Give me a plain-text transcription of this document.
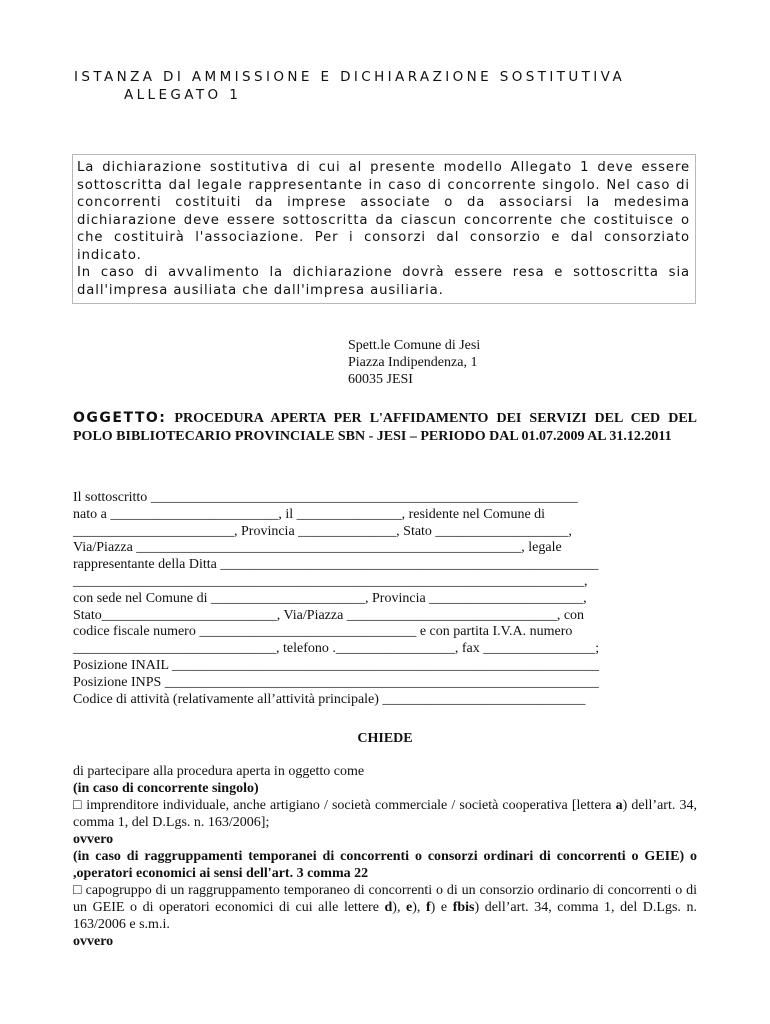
ISTANZA DI AMMISSIONE E DICHIARAZIONE SOSTITUTIVA
ALLEGATO 1

La dichiarazione sostitutiva di cui al presente modello Allegato 1 deve essere sottoscritta dal legale rappresentante in caso di concorrente singolo. Nel caso di concorrenti costituiti da imprese associate o da associarsi la medesima dichiarazione deve essere sottoscritta da ciascun concorrente che costituisce o che costituirà l'associazione. Per i consorzi dal consorzio e dal consorziato indicato.

In caso di avvalimento la dichiarazione dovrà essere resa e sottoscritta sia dall'impresa ausiliata che dall'impresa ausiliaria.

Spett.le Comune di Jesi
Piazza Indipendenza, 1
60035 JESI
OGGETTO: PROCEDURA APERTA PER L'AFFIDAMENTO DEI SERVIZI DEL CED DEL POLO BIBLIOTECARIO PROVINCIALE SBN - JESI – PERIODO DAL 01.07.2009 AL 31.12.2011
Il sottoscritto _____________________________________________________________
nato a ________________________, il _______________, residente nel Comune di
_______________________, Provincia ______________, Stato ___________________,
Via/Piazza _______________________________________________________, legale
rappresentante della Ditta ______________________________________________________
_________________________________________________________________________,
con sede nel Comune di ______________________, Provincia ______________________,
Stato_________________________, Via/Piazza ______________________________, con
codice fiscale numero _______________________________ e con partita I.V.A. numero
_____________________________, telefono ._________________, fax ________________;
Posizione INAIL _____________________________________________________________
Posizione INPS ______________________________________________________________
Codice di attività (relativamente all’attività principale) _____________________________
CHIEDE

di partecipare alla procedura aperta in oggetto come

(in caso di concorrente singolo)

□ imprenditore individuale, anche artigiano / società commerciale / società cooperativa [lettera a) dell’art. 34, comma 1, del D.Lgs. n. 163/2006];

ovvero

(in caso di raggruppamenti temporanei di concorrenti o consorzi ordinari di concorrenti o GEIE) o ,operatori economici ai sensi dell'art. 3 comma 22

□ capogruppo di un raggruppamento temporaneo di concorrenti o di un consorzio ordinario di concorrenti o di un GEIE o di operatori economici di cui alle lettere d), e), f) e fbis) dell’art. 34, comma 1, del D.Lgs. n. 163/2006 e s.m.i.

ovvero
